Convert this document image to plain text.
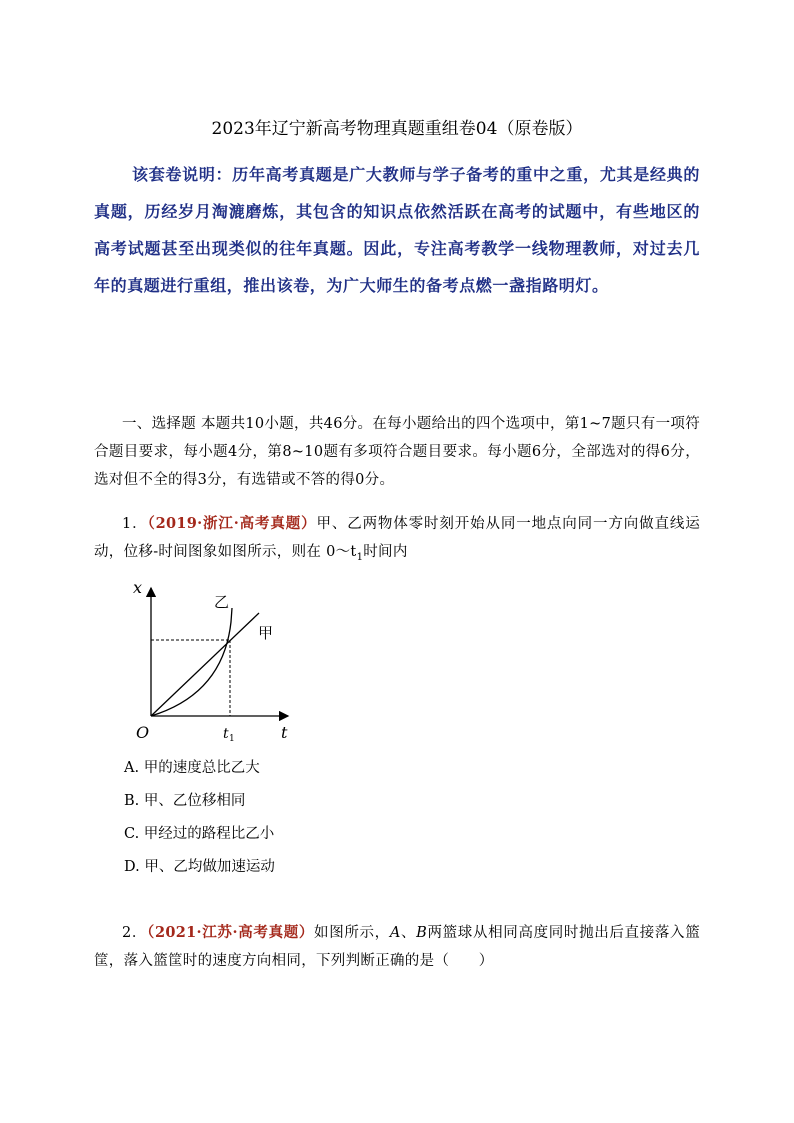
2023年辽宁新高考物理真题重组卷04（原卷版）

该套卷说明：历年高考真题是广大教师与学子备考的重中之重，尤其是经典的真题，历经岁月淘漉磨炼，其包含的知识点依然活跃在高考的试题中，有些地区的高考试题甚至出现类似的往年真题。因此，专注高考教学一线物理教师，对过去几年的真题进行重组，推出该卷，为广大师生的备考点燃一盏指路明灯。

一、选择题 本题共10小题，共46分。在每小题给出的四个选项中，第1~7题只有一项符合题目要求，每小题4分，第8~10题有多项符合题目要求。每小题6分，全部选对的得6分，选对但不全的得3分，有选错或不答的得0分。

1．（2019·浙江·高考真题）甲、乙两物体零时刻开始从同一地点向同一方向做直线运动，位移-时间图象如图所示，则在 $0\sim t_1$时间内

x
t
O	t 1
甲
乙

A. 甲的速度总比乙大

B. 甲、乙位移相同

C. 甲经过的路程比乙小

D. 甲、乙均做加速运动

2．（2021·江苏·高考真题）如图所示，A、B两篮球从相同高度同时抛出后直接落入篮筐，落入篮筐时的速度方向相同，下列判断正确的是（　　）
